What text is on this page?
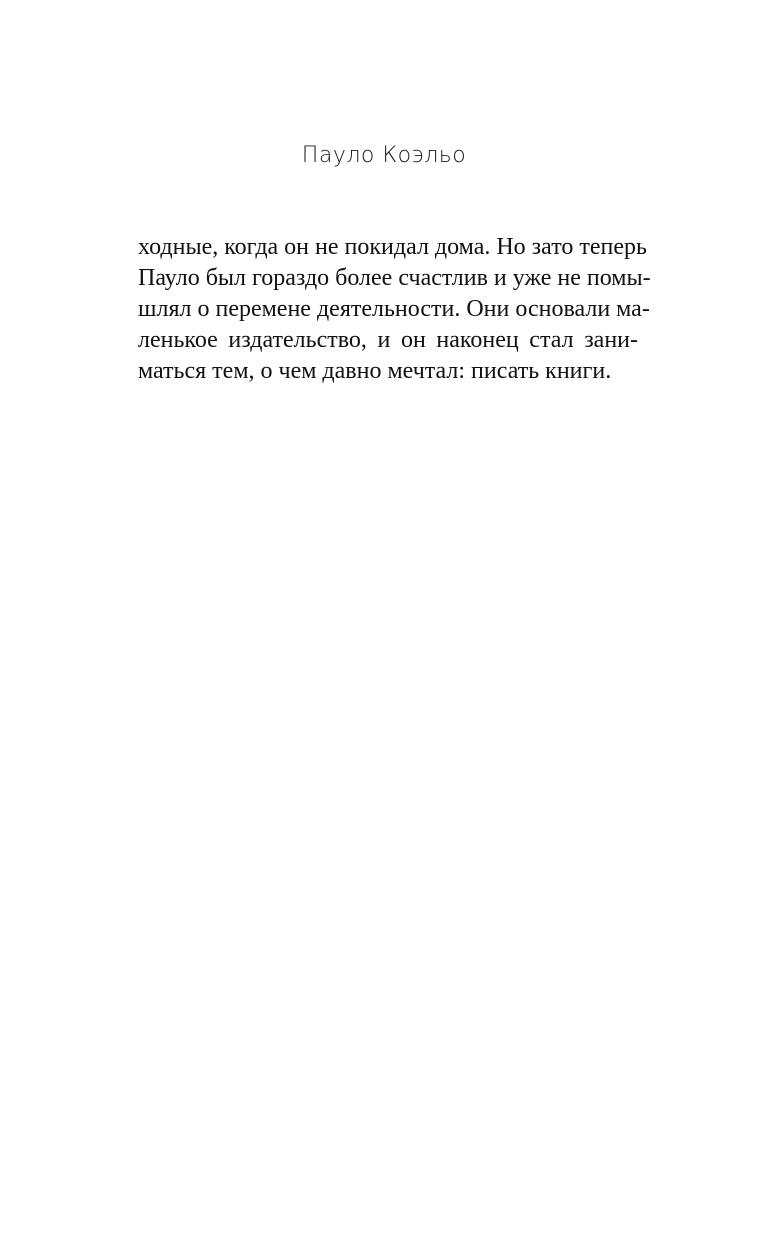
Пауло Коэльо
ходные, когда он не покидал дома. Но зато теперь
Пауло был гораздо более счастлив и уже не помы-
шлял о перемене деятельности. Они основали ма-
ленькое издательство, и он наконец стал зани-
маться тем, о чем давно мечтал: писать книги.
